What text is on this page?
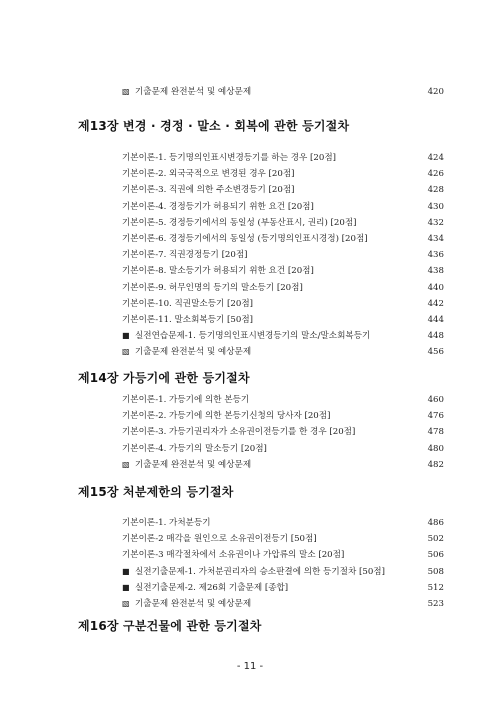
▧ 기출문제 완전분석 및 예상문제	420
제13장 변경 · 경정 · 말소 · 회복에 관한 등기절차
기본이론-1. 등기명의인표시변경등기를 하는 경우 [20점]	424
기본이론-2. 외국국적으로 변경된 경우 [20점]	426
기본이론-3. 직권에 의한 주소변경등기 [20점]	428
기본이론-4. 경정등기가 허용되기 위한 요건 [20점]	430
기본이론-5. 경정등기에서의 동일성 (부동산표시, 권리) [20점]	432
기본이론-6. 경정등기에서의 동일성 (등기명의인표시경정) [20점]	434
기본이론-7. 직권경정등기 [20점]	436
기본이론-8. 말소등기가 허용되기 위한 요건 [20점]	438
기본이론-9. 허무인명의 등기의 말소등기 [20점]	440
기본이론-10. 직권말소등기 [20점]	442
기본이론-11. 말소회복등기 [50점]	444
■ 실전연습문제-1. 등기명의인표시변경등기의 말소/말소회복등기	448
▧ 기출문제 완전분석 및 예상문제	456
제14장 가등기에 관한 등기절차
기본이론-1. 가등기에 의한 본등기	460
기본이론-2. 가등기에 의한 본등기신청의 당사자 [20점]	476
기본이론-3. 가등기권리자가 소유권이전등기를 한 경우 [20점]	478
기본이론-4. 가등기의 말소등기 [20점]	480
▧ 기출문제 완전분석 및 예상문제	482
제15장 처분제한의 등기절차
기본이론-1. 가처분등기	486
기본이론-2 매각을 원인으로 소유권이전등기 [50점]	502
기본이론-3 매각절차에서 소유권이나 가압류의 말소 [20점]	506
■ 실전기출문제-1. 가처분권리자의 승소판결에 의한 등기절차 [50점]	508
■ 실전기출문제-2. 제26회 기출문제 [종합]	512
▧ 기출문제 완전분석 및 예상문제	523
제16장 구분건물에 관한 등기절차
- 11 -
